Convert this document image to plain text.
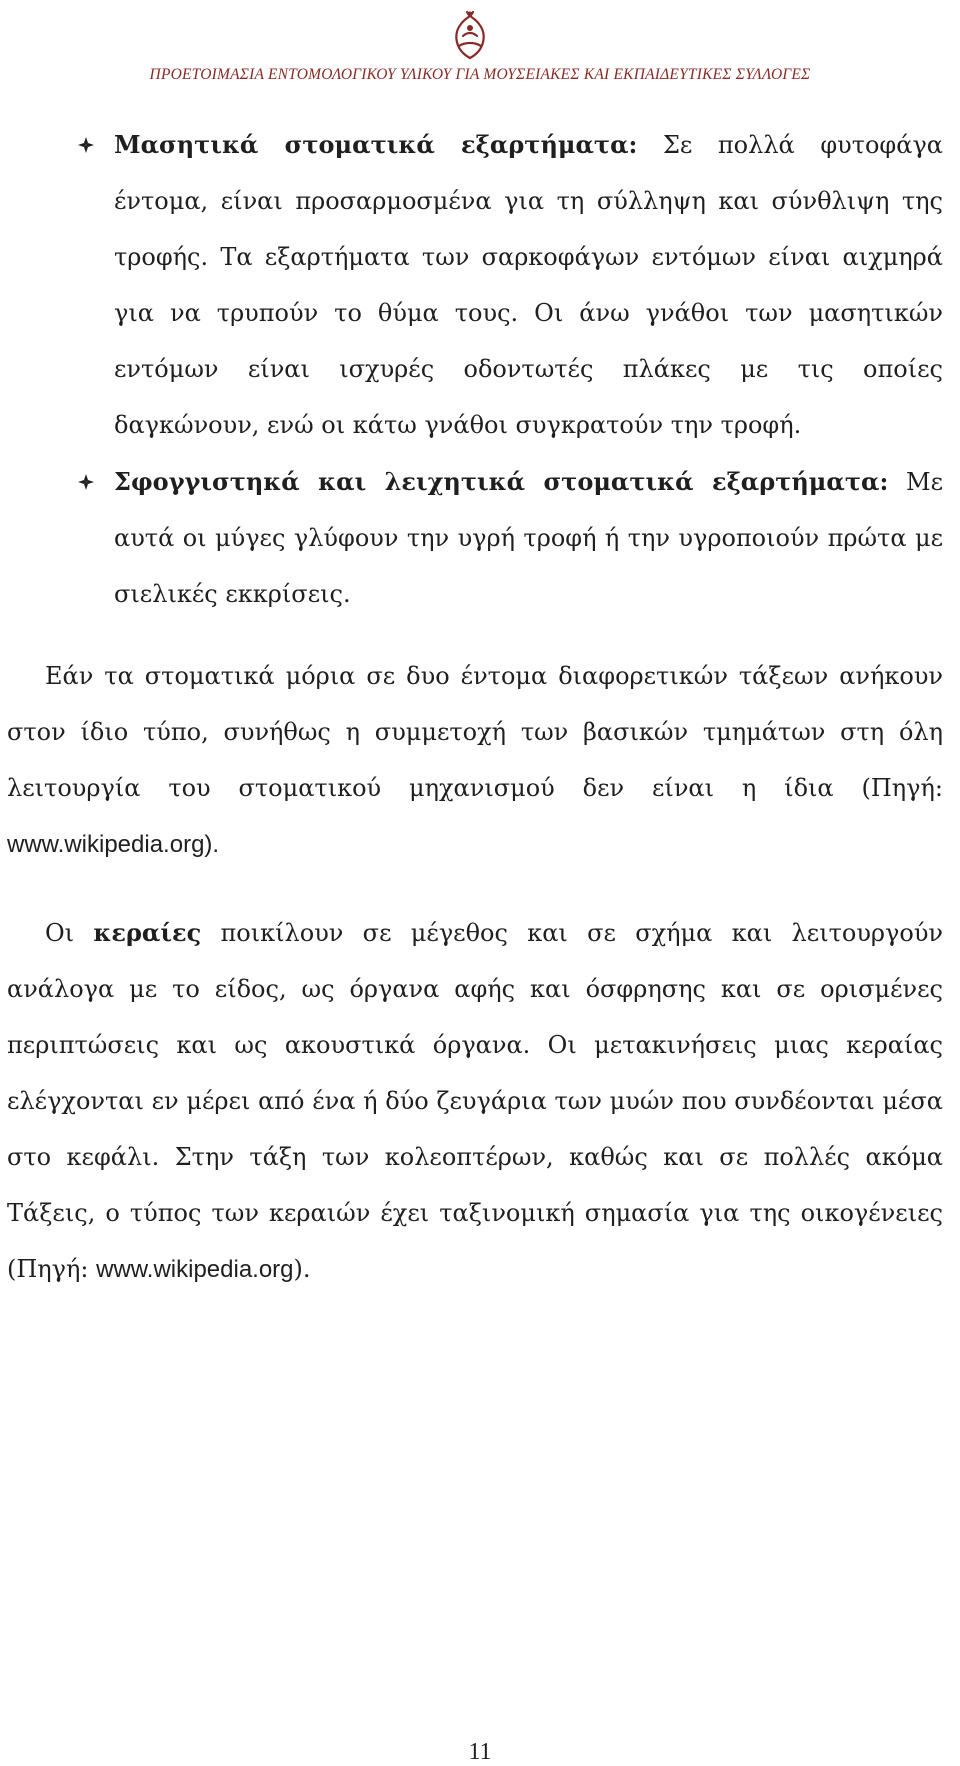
ΠΡΟΕΤΟΙΜΑΣΙΑ ΕΝΤΟΜΟΛΟΓΙΚΟΥ ΥΛΙΚΟΥ ΓΙΑ ΜΟΥΣΕΙΑΚΕΣ ΚΑΙ ΕΚΠΑΙΔΕΥΤΙΚΕΣ ΣΥΛΛΟΓΕΣ
Μασητικά στοματικά εξαρτήματα: Σε πολλά φυτοφάγα έντομα, είναι προσαρμοσμένα για τη σύλληψη και σύνθλιψη της τροφής. Τα εξαρτήματα των σαρκοφάγων εντόμων είναι αιχμηρά για να τρυπούν το θύμα τους. Οι άνω γνάθοι των μασητικών εντόμων είναι ισχυρές οδοντωτές πλάκες με τις οποίες δαγκώνουν, ενώ οι κάτω γνάθοι συγκρατούν την τροφή.
Σφογγιστηκά και λειχητικά στοματικά εξαρτήματα: Με αυτά οι μύγες γλύφουν την υγρή τροφή ή την υγροποιούν πρώτα με σιελικές εκκρίσεις.

Εάν τα στοματικά μόρια σε δυο έντομα διαφορετικών τάξεων ανήκουν στον ίδιο τύπο, συνήθως η συμμετοχή των βασικών τμημάτων στη όλη λειτουργία του στοματικού μηχανισμού δεν είναι η ίδια (Πηγή: www.wikipedia.org).

Οι κεραίες ποικίλουν σε μέγεθος και σε σχήμα και λειτουργούν ανάλογα με το είδος, ως όργανα αφής και όσφρησης και σε ορισμένες περιπτώσεις και ως ακουστικά όργανα. Οι μετακινήσεις μιας κεραίας ελέγχονται εν μέρει από ένα ή δύο ζευγάρια των μυών που συνδέονται μέσα στο κεφάλι. Στην τάξη των κολεοπτέρων, καθώς και σε πολλές ακόμα Τάξεις, ο τύπος των κεραιών έχει ταξινομική σημασία για της οικογένειες (Πηγή: www.wikipedia.org).

11
